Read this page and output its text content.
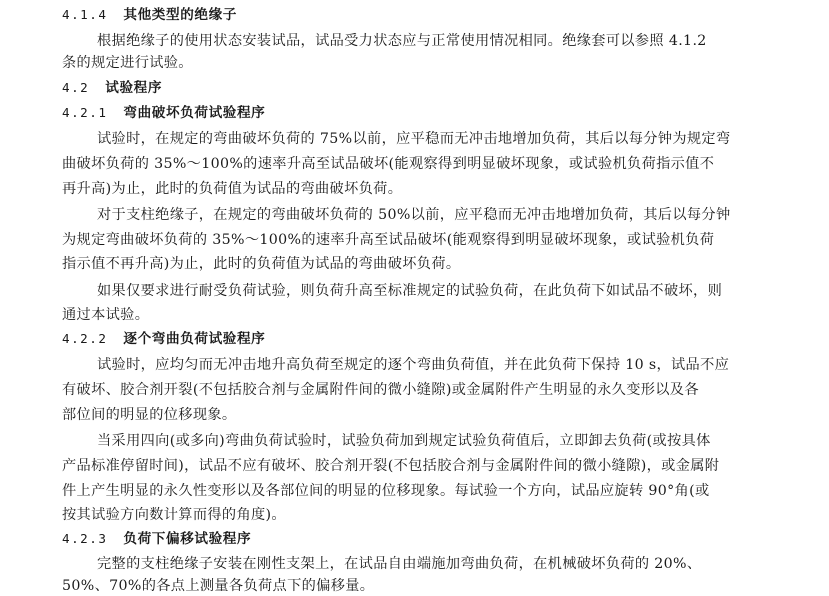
4.1.4 其他类型的绝缘子
根据绝缘子的使用状态安装试品，试品受力状态应与正常使用情况相同。绝缘套可以参照 4.1.2
条的规定进行试验。
4.2 试验程序
4.2.1 弯曲破坏负荷试验程序
试验时，在规定的弯曲破坏负荷的 75%以前，应平稳而无冲击地增加负荷，其后以每分钟为规定弯
曲破坏负荷的 35%～100%的速率升高至试品破坏(能观察得到明显破坏现象，或试验机负荷指示值不
再升高)为止，此时的负荷值为试品的弯曲破坏负荷。
对于支柱绝缘子，在规定的弯曲破坏负荷的 50%以前，应平稳而无冲击地增加负荷，其后以每分钟
为规定弯曲破坏负荷的 35%～100%的速率升高至试品破坏(能观察得到明显破坏现象，或试验机负荷
指示值不再升高)为止，此时的负荷值为试品的弯曲破坏负荷。
如果仅要求进行耐受负荷试验，则负荷升高至标准规定的试验负荷，在此负荷下如试品不破坏，则
通过本试验。
4.2.2 逐个弯曲负荷试验程序
试验时，应均匀而无冲击地升高负荷至规定的逐个弯曲负荷值，并在此负荷下保持 10 s，试品不应
有破坏、胶合剂开裂(不包括胶合剂与金属附件间的微小缝隙)或金属附件产生明显的永久变形以及各
部位间的明显的位移现象。
当采用四向(或多向)弯曲负荷试验时，试验负荷加到规定试验负荷值后，立即卸去负荷(或按具体
产品标准停留时间)，试品不应有破坏、胶合剂开裂(不包括胶合剂与金属附件间的微小缝隙)，或金属附
件上产生明显的永久性变形以及各部位间的明显的位移现象。每试验一个方向，试品应旋转 90°角(或
按其试验方向数计算而得的角度)。
4.2.3 负荷下偏移试验程序
完整的支柱绝缘子安装在刚性支架上，在试品自由端施加弯曲负荷，在机械破坏负荷的 20%、
50%、70%的各点上测量各负荷点下的偏移量。
